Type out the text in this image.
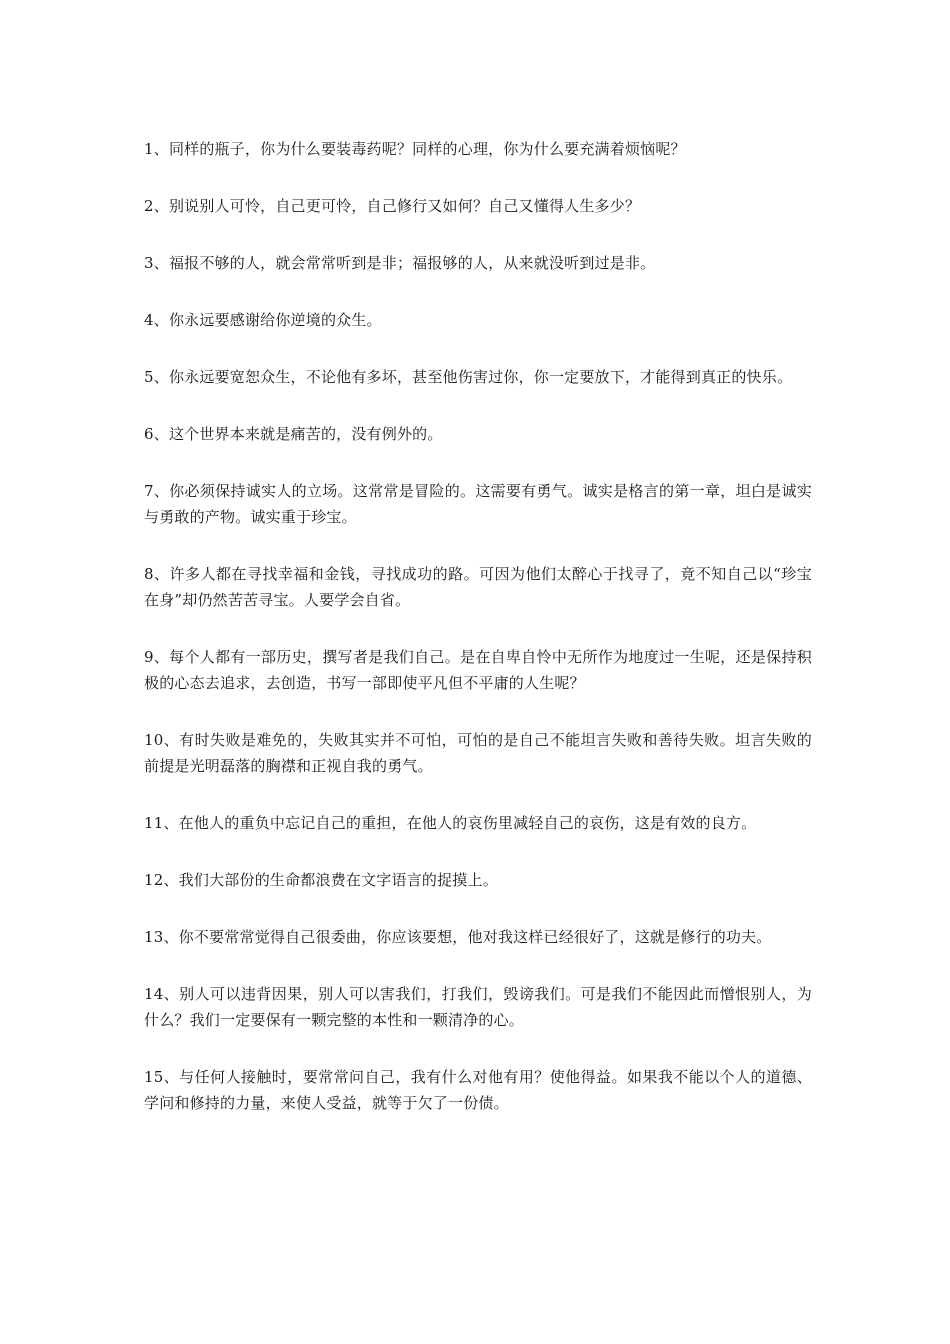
1、同样的瓶子，你为什么要装毒药呢？同样的心理，你为什么要充满着烦恼呢？

2、别说别人可怜，自己更可怜，自己修行又如何？自己又懂得人生多少？

3、福报不够的人，就会常常听到是非；福报够的人，从来就没听到过是非。

4、你永远要感谢给你逆境的众生。

5、你永远要宽恕众生，不论他有多坏，甚至他伤害过你，你一定要放下，才能得到真正的快乐。

6、这个世界本来就是痛苦的，没有例外的。

7、你必须保持诚实人的立场。这常常是冒险的。这需要有勇气。诚实是格言的第一章，坦白是诚实与勇敢的产物。诚实重于珍宝。

8、许多人都在寻找幸福和金钱，寻找成功的路。可因为他们太醉心于找寻了，竟不知自己以“珍宝在身”却仍然苦苦寻宝。人要学会自省。

9、每个人都有一部历史，撰写者是我们自己。是在自卑自怜中无所作为地度过一生呢，还是保持积极的心态去追求，去创造，书写一部即使平凡但不平庸的人生呢？

10、有时失败是难免的，失败其实并不可怕，可怕的是自己不能坦言失败和善待失败。坦言失败的前提是光明磊落的胸襟和正视自我的勇气。

11、在他人的重负中忘记自己的重担，在他人的哀伤里减轻自己的哀伤，这是有效的良方。

12、我们大部份的生命都浪费在文字语言的捉摸上。

13、你不要常常觉得自己很委曲，你应该要想，他对我这样已经很好了，这就是修行的功夫。

14、别人可以违背因果，别人可以害我们，打我们，毁谤我们。可是我们不能因此而憎恨别人，为什么？我们一定要保有一颗完整的本性和一颗清净的心。

15、与任何人接触时，要常常问自己，我有什么对他有用？使他得益。如果我不能以个人的道德、学问和修持的力量，来使人受益，就等于欠了一份债。
